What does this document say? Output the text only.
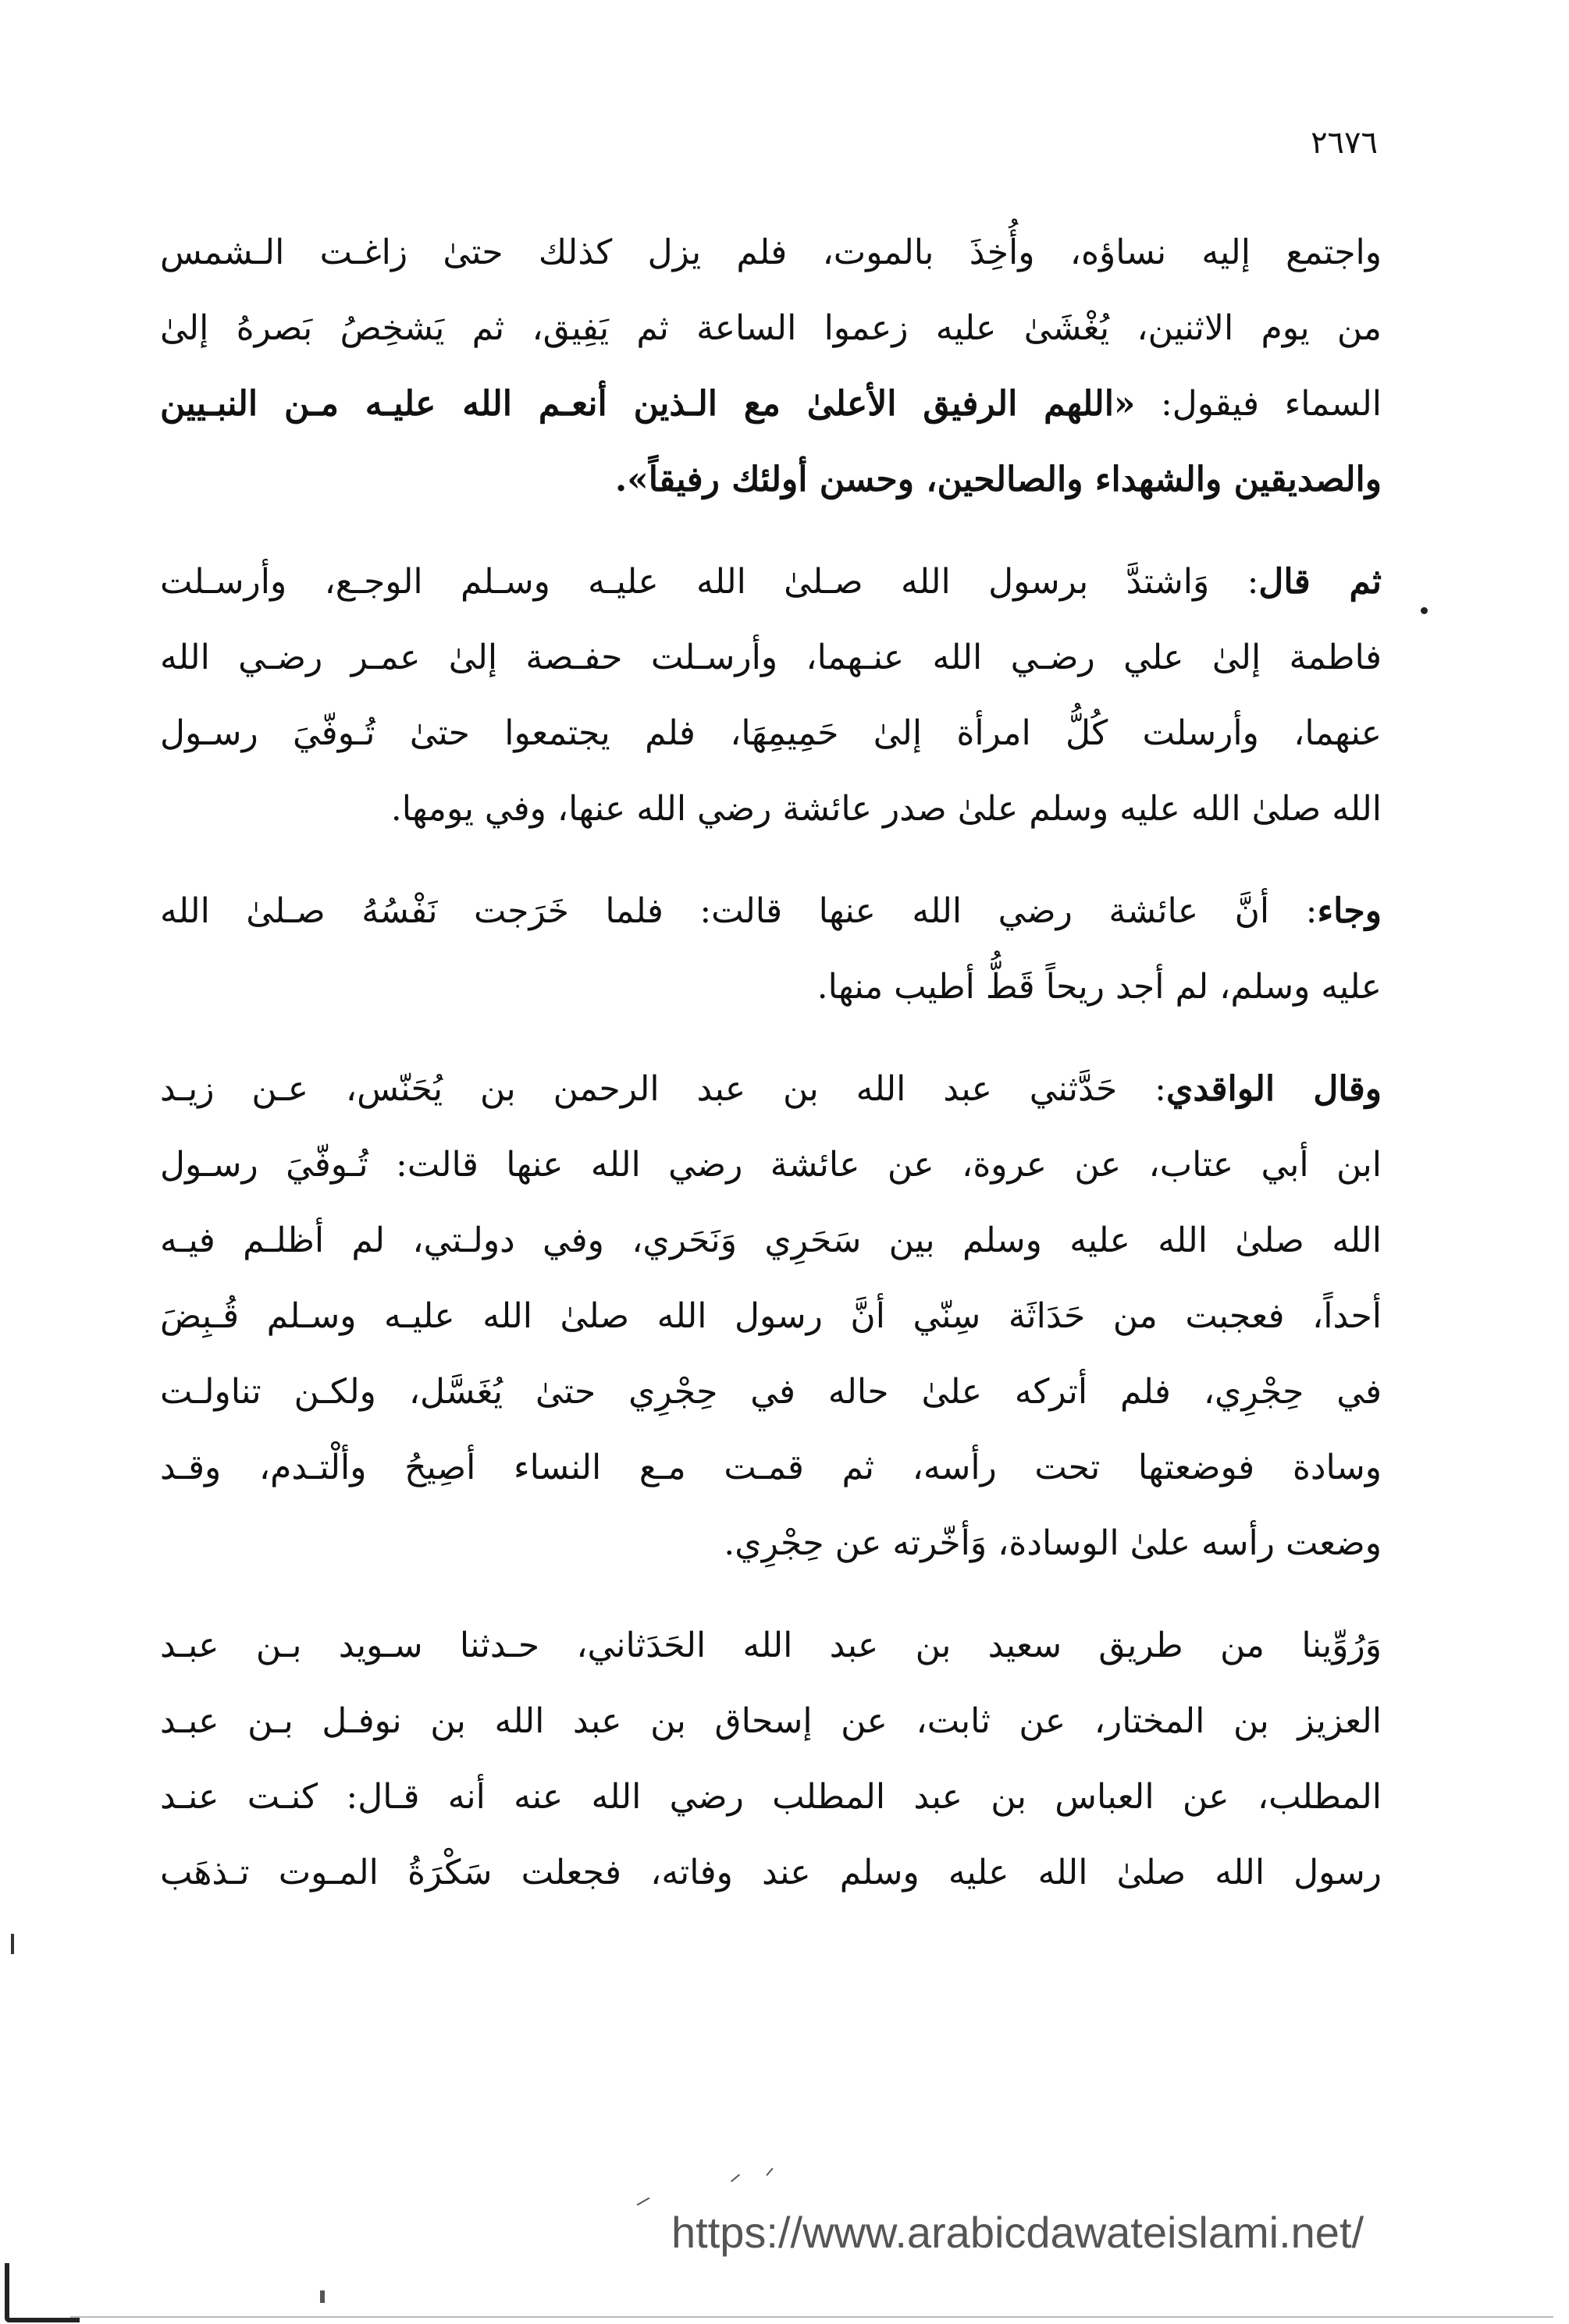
٢٦٧٦

واجتمع إليه نساؤه، وأُخِذَ بالموت، فلم يزل كذلك حتىٰ زاغـت الـشمس
من يوم الاثنين، يُغْشَىٰ عليه زعموا الساعة ثم يَفِيق، ثم يَشخِصُ بَصرهُ إلىٰ
السماء فيقول: «اللهم الرفيق الأعلىٰ مع الـذين أنعـم الله عليـه مـن النبـيين
والصديقين والشهداء والصالحين، وحسن أولئك رفيقاً».

ثم قال: وَاشتدَّ برسول الله صـلىٰ الله عليـه وسـلم الوجـع، وأرسـلت
فاطمة إلىٰ علي رضـي الله عنـهما، وأرسـلت حفـصة إلىٰ عمـر رضـي الله
عنهما، وأرسلت كُلُّ امرأة إلىٰ حَمِيمِهَا، فلم يجتمعوا حتىٰ تُـوفّيَ رسـول
الله صلىٰ الله عليه وسلم علىٰ صدر عائشة رضي الله عنها، وفي يومها.

وجاء: أنَّ عائشة رضي الله عنها قالت: فلما خَرَجت نَفْسُهُ صـلىٰ الله
عليه وسلم، لم أجد ريحاً قَطُّ أطيب منها.

وقال الواقدي: حَدَّثني عبد الله بن عبد الرحمن بن يُحَنّس، عـن زيـد
ابن أبي عتاب، عن عروة، عن عائشة رضي الله عنها قالت: تُـوفّيَ رسـول
الله صلىٰ الله عليه وسلم بين سَحَرِي وَنَحَري، وفي دولـتي، لم أظلـم فيـه
أحداً، فعجبت من حَدَاثَة سِنّي أنَّ رسول الله صلىٰ الله عليـه وسـلم قُـبِضَ
في حِجْرِي، فلم أتركه علىٰ حاله في حِجْرِي حتىٰ يُغَسَّل، ولكـن تناولـت
وسادة فوضعتها تحت رأسه، ثم قمـت مـع النساء أصِيحُ وألْتـدم، وقـد
وضعت رأسه علىٰ الوسادة، وَأخّرته عن حِجْرِي.

وَرُوِّينا من طريق سعيد بن عبد الله الحَدَثاني، حـدثنا سـويد بـن عبـد
العزيز بن المختار، عن ثابت، عن إسحاق بن عبد الله بن نوفـل بـن عبـد
المطلب، عن العباس بن عبد المطلب رضي الله عنه أنه قـال: كنـت عنـد
رسول الله صلىٰ الله عليه وسلم عند وفاته، فجعلت سَكْرَةُ المـوت تـذهَب

https://www.arabicdawateislami.net/
